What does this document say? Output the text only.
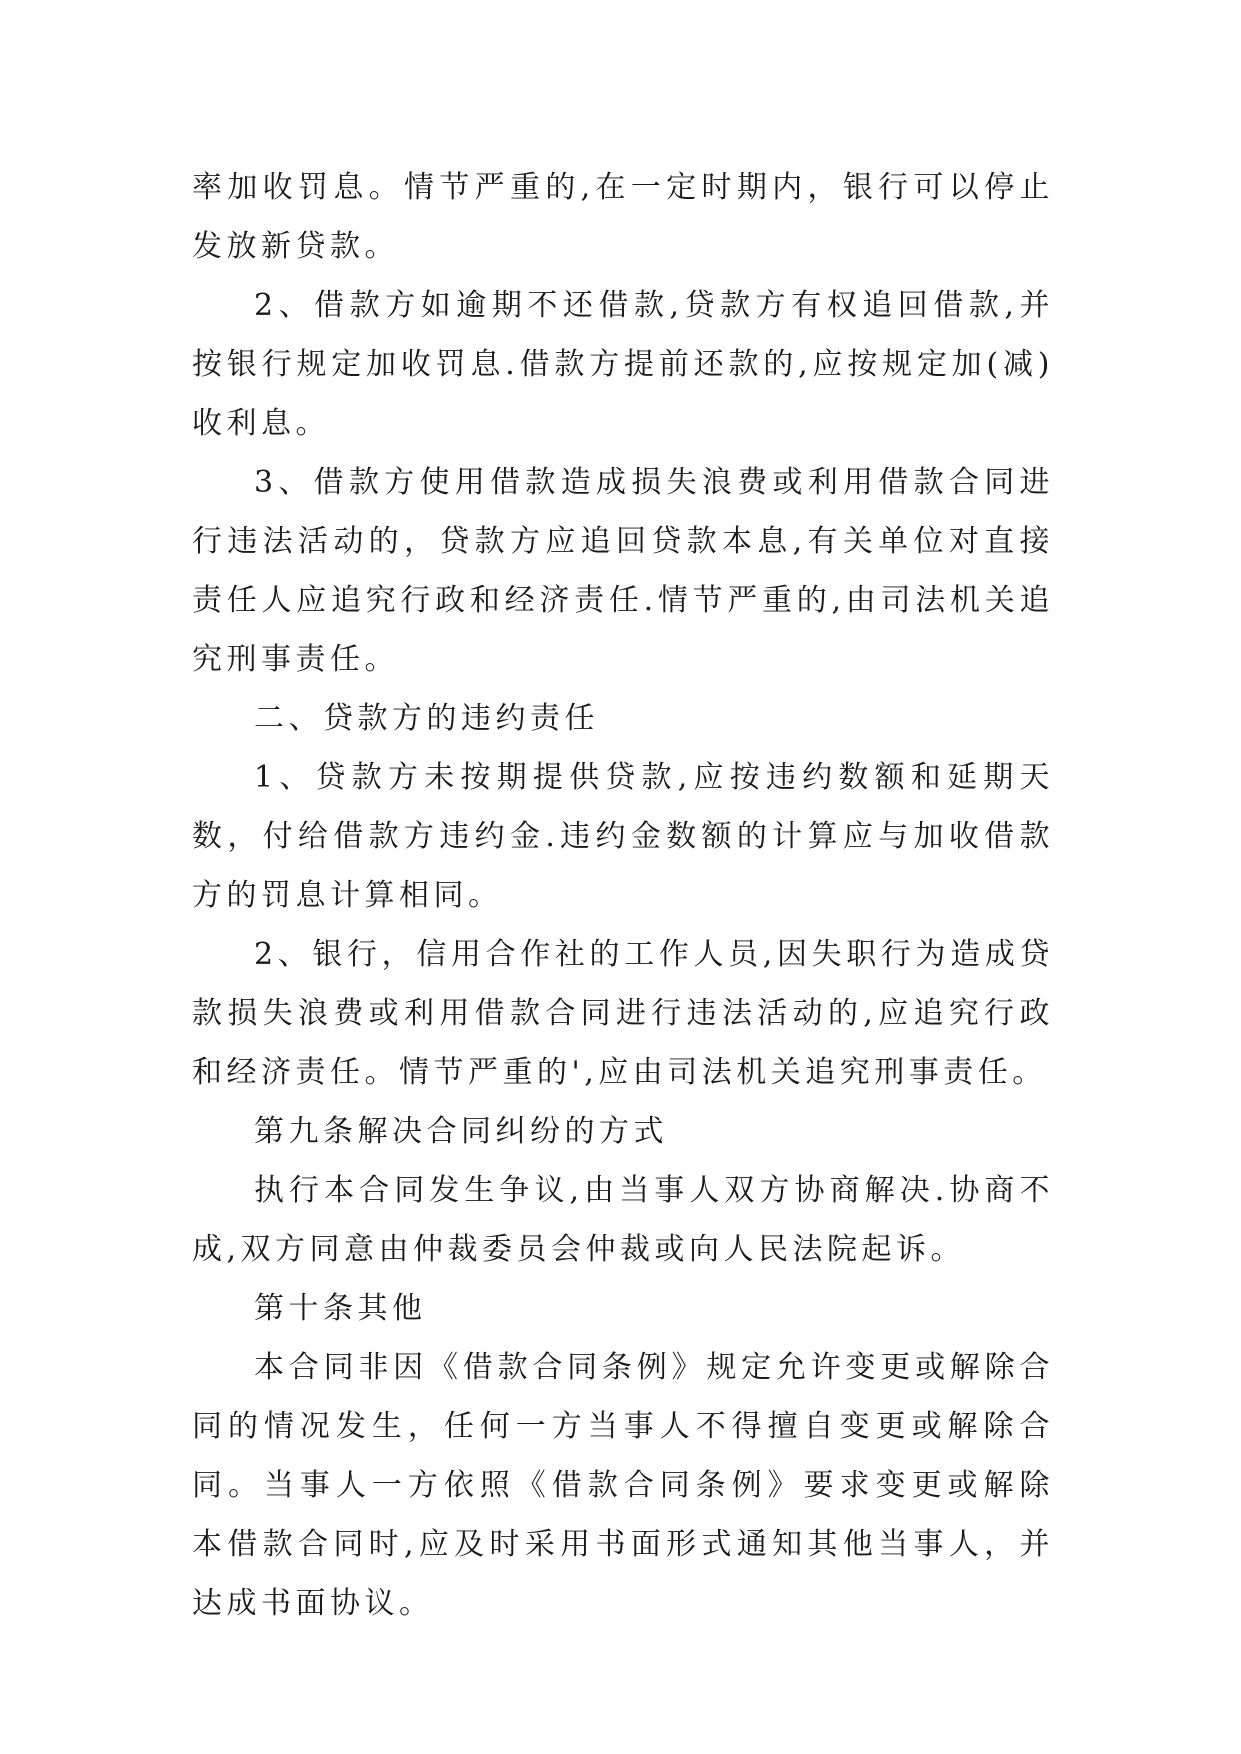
率加收罚息。情节严重的,在一定时期内，银行可以停止发放新贷款。

2、借款方如逾期不还借款,贷款方有权追回借款,并按银行规定加收罚息.借款方提前还款的,应按规定加(减)收利息。

3、借款方使用借款造成损失浪费或利用借款合同进行违法活动的，贷款方应追回贷款本息,有关单位对直接责任人应追究行政和经济责任.情节严重的,由司法机关追究刑事责任。

二、贷款方的违约责任

1、贷款方未按期提供贷款,应按违约数额和延期天数，付给借款方违约金.违约金数额的计算应与加收借款方的罚息计算相同。

2、银行，信用合作社的工作人员,因失职行为造成贷款损失浪费或利用借款合同进行违法活动的,应追究行政和经济责任。情节严重的',应由司法机关追究刑事责任。

第九条解决合同纠纷的方式

执行本合同发生争议,由当事人双方协商解决.协商不成,双方同意由仲裁委员会仲裁或向人民法院起诉。

第十条其他

本合同非因《借款合同条例》规定允许变更或解除合同的情况发生，任何一方当事人不得擅自变更或解除合同。当事人一方依照《借款合同条例》要求变更或解除本借款合同时,应及时采用书面形式通知其他当事人，并达成书面协议。
